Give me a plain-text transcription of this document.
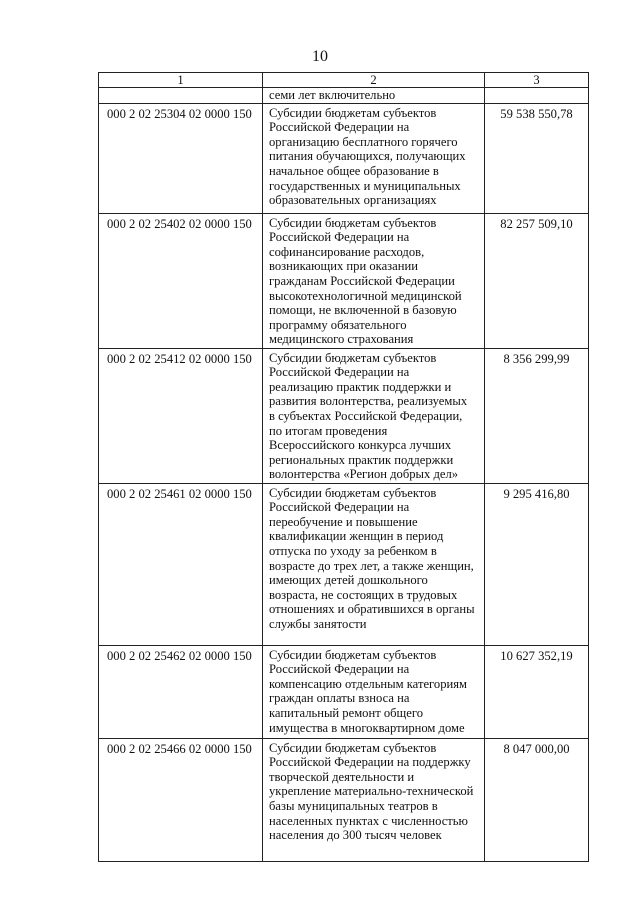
10
1	2	3
	семи лет включительно	
000 2 02 25304 02 0000 150	Субсидии бюджетам субъектов Российской Федерации на организацию бесплатного горячего питания обучающихся, получающих начальное общее образование в государственных и муниципальных образовательных организациях	59 538 550,78
000 2 02 25402 02 0000 150	Субсидии бюджетам субъектов Российской Федерации на софинансирование расходов, возникающих при оказании гражданам Российской Федерации высокотехнологичной медицинской помощи, не включенной в базовую программу обязательного медицинского страхования	82 257 509,10
000 2 02 25412 02 0000 150	Субсидии бюджетам субъектов Российской Федерации на реализацию практик поддержки и развития волонтерства, реализуемых в субъектах Российской Федерации, по итогам проведения Всероссийского конкурса лучших региональных практик поддержки волонтерства «Регион добрых дел»	8 356 299,99
000 2 02 25461 02 0000 150	Субсидии бюджетам субъектов Российской Федерации на переобучение и повышение квалификации женщин в период отпуска по уходу за ребенком в возрасте до трех лет, а также женщин, имеющих детей дошкольного возраста, не состоящих в трудовых отношениях и обратившихся в органы службы занятости	9 295 416,80
000 2 02 25462 02 0000 150	Субсидии бюджетам субъектов Российской Федерации на компенсацию отдельным категориям граждан оплаты взноса на капитальный ремонт общего имущества в многоквартирном доме	10 627 352,19
000 2 02 25466 02 0000 150	Субсидии бюджетам субъектов Российской Федерации на поддержку творческой деятельности и укрепление материально-технической базы муниципальных театров в населенных пунктах с численностью населения до 300 тысяч человек	8 047 000,00
